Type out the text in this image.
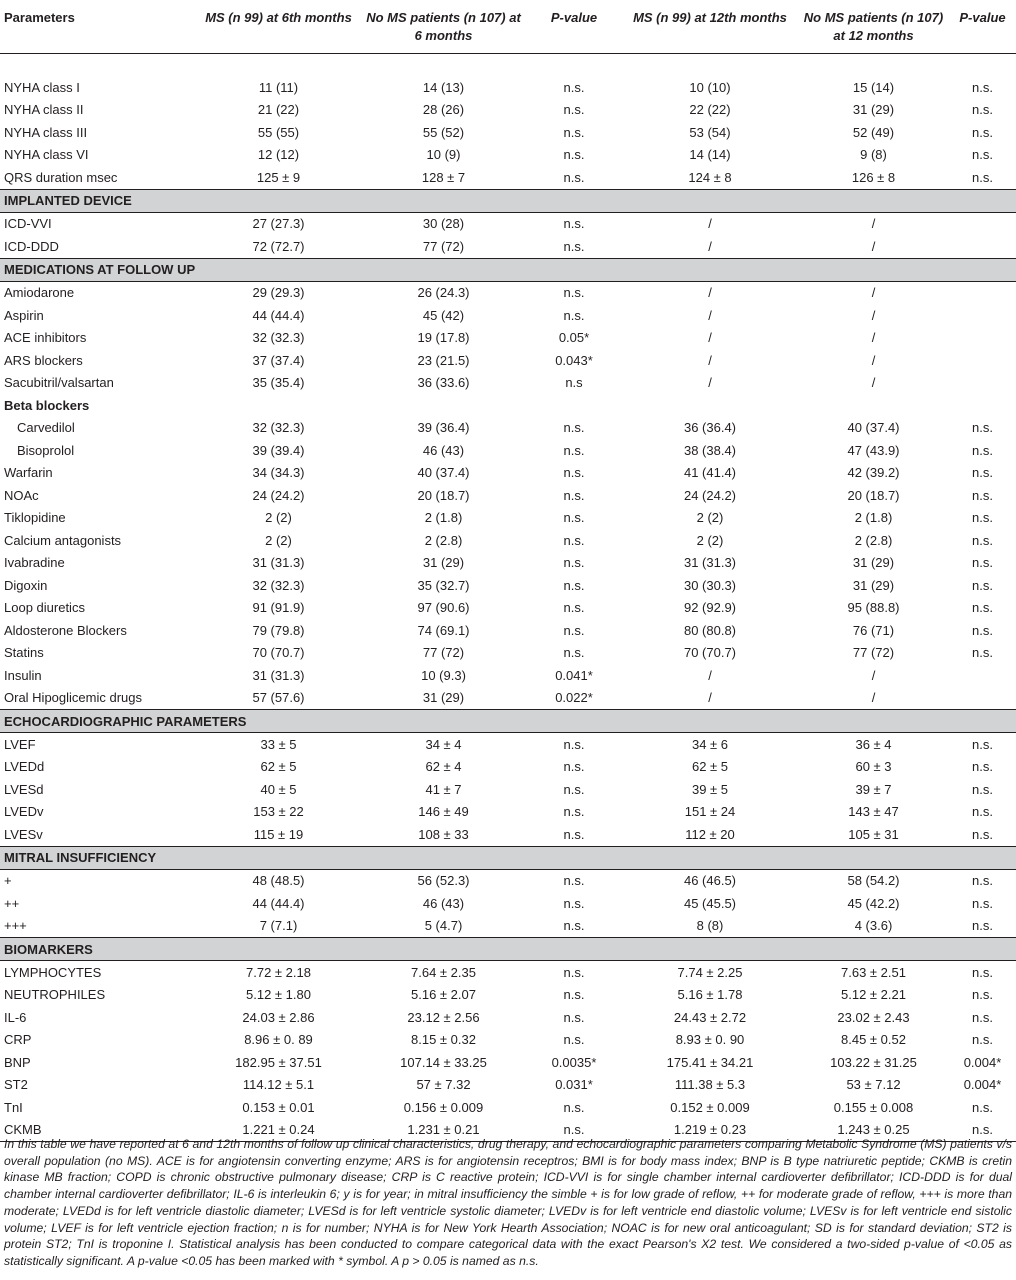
Parameters	MS (n 99) at 6th months	No MS patients (n 107) at 6 months	P-value	MS (n 99) at 12th months	No MS patients (n 107) at 12 months	P-value

NYHA class I	11 (11)	14 (13)	n.s.	10 (10)	15 (14)	n.s.
NYHA class II	21 (22)	28 (26)	n.s.	22 (22)	31 (29)	n.s.
NYHA class III	55 (55)	55 (52)	n.s.	53 (54)	52 (49)	n.s.
NYHA class VI	12 (12)	10 (9)	n.s.	14 (14)	9 (8)	n.s.
QRS duration msec	125 ± 9	128 ± 7	n.s.	124 ± 8	126 ± 8	n.s.
IMPLANTED DEVICE						
ICD-VVI	27 (27.3)	30 (28)	n.s.	/	/	
ICD-DDD	72 (72.7)	77 (72)	n.s.	/	/	
MEDICATIONS AT FOLLOW UP						
Amiodarone	29 (29.3)	26 (24.3)	n.s.	/	/	
Aspirin	44 (44.4)	45 (42)	n.s.	/	/	
ACE inhibitors	32 (32.3)	19 (17.8)	0.05*	/	/	
ARS blockers	37 (37.4)	23 (21.5)	0.043*	/	/	
Sacubitril/valsartan	35 (35.4)	36 (33.6)	n.s	/	/	
Beta blockers						
Carvedilol	32 (32.3)	39 (36.4)	n.s.	36 (36.4)	40 (37.4)	n.s.
Bisoprolol	39 (39.4)	46 (43)	n.s.	38 (38.4)	47 (43.9)	n.s.
Warfarin	34 (34.3)	40 (37.4)	n.s.	41 (41.4)	42 (39.2)	n.s.
NOAc	24 (24.2)	20 (18.7)	n.s.	24 (24.2)	20 (18.7)	n.s.
Tiklopidine	2 (2)	2 (1.8)	n.s.	2 (2)	2 (1.8)	n.s.
Calcium antagonists	2 (2)	2 (2.8)	n.s.	2 (2)	2 (2.8)	n.s.
Ivabradine	31 (31.3)	31 (29)	n.s.	31 (31.3)	31 (29)	n.s.
Digoxin	32 (32.3)	35 (32.7)	n.s.	30 (30.3)	31 (29)	n.s.
Loop diuretics	91 (91.9)	97 (90.6)	n.s.	92 (92.9)	95 (88.8)	n.s.
Aldosterone Blockers	79 (79.8)	74 (69.1)	n.s.	80 (80.8)	76 (71)	n.s.
Statins	70 (70.7)	77 (72)	n.s.	70 (70.7)	77 (72)	n.s.
Insulin	31 (31.3)	10 (9.3)	0.041*	/	/	
Oral Hipoglicemic drugs	57 (57.6)	31 (29)	0.022*	/	/	
ECHOCARDIOGRAPHIC PARAMETERS						
LVEF	33 ± 5	34 ± 4	n.s.	34 ± 6	36 ± 4	n.s.
LVEDd	62 ± 5	62 ± 4	n.s.	62 ± 5	60 ± 3	n.s.
LVESd	40 ± 5	41 ± 7	n.s.	39 ± 5	39 ± 7	n.s.
LVEDv	153 ± 22	146 ± 49	n.s.	151 ± 24	143 ± 47	n.s.
LVESv	115 ± 19	108 ± 33	n.s.	112 ± 20	105 ± 31	n.s.
MITRAL INSUFFICIENCY						
+	48 (48.5)	56 (52.3)	n.s.	46 (46.5)	58 (54.2)	n.s.
++	44 (44.4)	46 (43)	n.s.	45 (45.5)	45 (42.2)	n.s.
+++	7 (7.1)	5 (4.7)	n.s.	8 (8)	4 (3.6)	n.s.
BIOMARKERS						
LYMPHOCYTES	7.72 ± 2.18	7.64 ± 2.35	n.s.	7.74 ± 2.25	7.63 ± 2.51	n.s.
NEUTROPHILES	5.12 ± 1.80	5.16 ± 2.07	n.s.	5.16 ± 1.78	5.12 ± 2.21	n.s.
IL-6	24.03 ± 2.86	23.12 ± 2.56	n.s.	24.43 ± 2.72	23.02 ± 2.43	n.s.
CRP	8.96 ± 0. 89	8.15 ± 0.32	n.s.	8.93 ± 0. 90	8.45 ± 0.52	n.s.
BNP	182.95 ± 37.51	107.14 ± 33.25	0.0035*	175.41 ± 34.21	103.22 ± 31.25	0.004*
ST2	114.12 ± 5.1	57 ± 7.32	0.031*	111.38 ± 5.3	53 ± 7.12	0.004*
TnI	0.153 ± 0.01	0.156 ± 0.009	n.s.	0.152 ± 0.009	0.155 ± 0.008	n.s.
CKMB	1.221 ± 0.24	1.231 ± 0.21	n.s.	1.219 ± 0.23	1.243 ± 0.25	n.s.

In this table we have reported at 6 and 12th months of follow up clinical characteristics, drug therapy, and echocardiographic parameters comparing Metabolic Syndrome (MS) patients v/s overall population (no MS). ACE is for angiotensin converting enzyme; ARS is for angiotensin receptros; BMI is for body mass index; BNP is B type natriuretic peptide; CKMB is cretin kinase MB fraction; COPD is chronic obstructive pulmonary disease; CRP is C reactive protein; ICD-VVI is for single chamber internal cardioverter defibrillator; ICD-DDD is for dual chamber internal cardioverter defibrillator; IL-6 is interleukin 6; y is for year; in mitral insufficiency the simble + is for low grade of reflow, ++ for moderate grade of reflow, +++ is more than moderate; LVEDd is for left ventricle diastolic diameter; LVESd is for left ventricle systolic diameter; LVEDv is for left ventricle end diastolic volume; LVESv is for left ventricle end sistolic volume; LVEF is for left ventricle ejection fraction; n is for number; NYHA is for New York Hearth Association; NOAC is for new oral anticoagulant; SD is for standard deviation; ST2 is protein ST2; TnI is troponine I. Statistical analysis has been conducted to compare categorical data with the exact Pearson's X2 test. We considered a two-sided p-value of <0.05 as statistically significant. A p-value <0.05 has been marked with * symbol. A p > 0.05 is named as n.s.
